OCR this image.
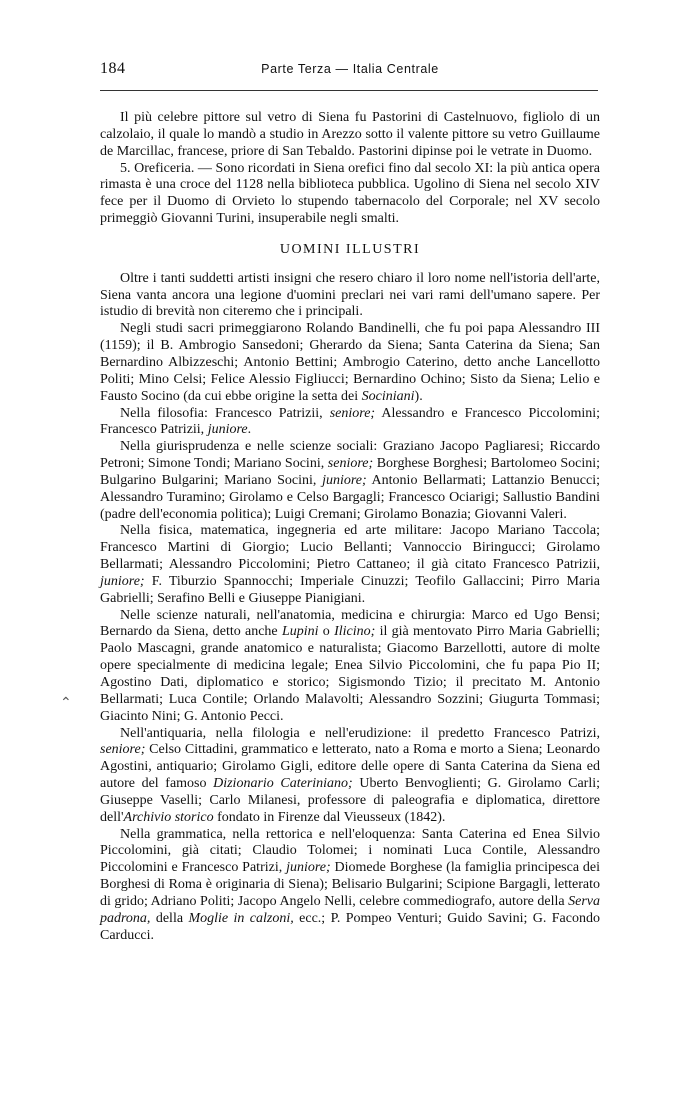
184	Parte Terza — Italia Centrale
⌃

Il più celebre pittore sul vetro di Siena fu Pastorini di Castelnuovo, figliolo di un calzolaio, il quale lo mandò a studio in Arezzo sotto il valente pittore su vetro Guillaume de Marcillac, francese, priore di San Tebaldo. Pastorini dipinse poi le vetrate in Duomo.

5. Oreficeria. — Sono ricordati in Siena orefici fino dal secolo XI: la più antica opera rimasta è una croce del 1128 nella biblioteca pubblica. Ugolino di Siena nel secolo XIV fece per il Duomo di Orvieto lo stupendo tabernacolo del Corporale; nel XV secolo primeggiò Giovanni Turini, insuperabile negli smalti.

UOMINI ILLUSTRI

Oltre i tanti suddetti artisti insigni che resero chiaro il loro nome nell'istoria dell'arte, Siena vanta ancora una legione d'uomini preclari nei vari rami dell'umano sapere. Per istudio di brevità non citeremo che i principali.

Negli studi sacri primeggiarono Rolando Bandinelli, che fu poi papa Alessandro III (1159); il B. Ambrogio Sansedoni; Gherardo da Siena; Santa Caterina da Siena; San Bernardino Albizzeschi; Antonio Bettini; Ambrogio Caterino, detto anche Lancellotto Politi; Mino Celsi; Felice Alessio Figliucci; Bernardino Ochino; Sisto da Siena; Lelio e Fausto Socino (da cui ebbe origine la setta dei Sociniani).

Nella filosofia: Francesco Patrizii, seniore; Alessandro e Francesco Piccolomini; Francesco Patrizii, juniore.

Nella giurisprudenza e nelle scienze sociali: Graziano Jacopo Pagliaresi; Riccardo Petroni; Simone Tondi; Mariano Socini, seniore; Borghese Borghesi; Bartolomeo Socini; Bulgarino Bulgarini; Mariano Socini, juniore; Antonio Bellarmati; Lattanzio Benucci; Alessandro Turamino; Girolamo e Celso Bargagli; Francesco Ociarigi; Sallustio Bandini (padre dell'economia politica); Luigi Cremani; Girolamo Bonazia; Giovanni Valeri.

Nella fisica, matematica, ingegneria ed arte militare: Jacopo Mariano Taccola; Francesco Martini di Giorgio; Lucio Bellanti; Vannoccio Biringucci; Girolamo Bellarmati; Alessandro Piccolomini; Pietro Cattaneo; il già citato Francesco Patrizii, juniore; F. Tiburzio Spannocchi; Imperiale Cinuzzi; Teofilo Gallaccini; Pirro Maria Gabrielli; Serafino Belli e Giuseppe Pianigiani.

Nelle scienze naturali, nell'anatomia, medicina e chirurgia: Marco ed Ugo Bensi; Bernardo da Siena, detto anche Lupini o Ilicino; il già mentovato Pirro Maria Gabrielli; Paolo Mascagni, grande anatomico e naturalista; Giacomo Barzellotti, autore di molte opere specialmente di medicina legale; Enea Silvio Piccolomini, che fu papa Pio II; Agostino Dati, diplomatico e storico; Sigismondo Tizio; il precitato M. Antonio Bellarmati; Luca Contile; Orlando Malavolti; Alessandro Sozzini; Giugurta Tommasi; Giacinto Nini; G. Antonio Pecci.

Nell'antiquaria, nella filologia e nell'erudizione: il predetto Francesco Patrizi, seniore; Celso Cittadini, grammatico e letterato, nato a Roma e morto a Siena; Leonardo Agostini, antiquario; Girolamo Gigli, editore delle opere di Santa Caterina da Siena ed autore del famoso Dizionario Cateriniano; Uberto Benvoglienti; G. Girolamo Carli; Giuseppe Vaselli; Carlo Milanesi, professore di paleografia e diplomatica, direttore dell'Archivio storico fondato in Firenze dal Vieusseux (1842).

Nella grammatica, nella rettorica e nell'eloquenza: Santa Caterina ed Enea Silvio Piccolomini, già citati; Claudio Tolomei; i nominati Luca Contile, Alessandro Piccolomini e Francesco Patrizi, juniore; Diomede Borghese (la famiglia principesca dei Borghesi di Roma è originaria di Siena); Belisario Bulgarini; Scipione Bargagli, letterato di grido; Adriano Politi; Jacopo Angelo Nelli, celebre commediografo, autore della Serva padrona, della Moglie in calzoni, ecc.; P. Pompeo Venturi; Guido Savini; G. Facondo Carducci.
